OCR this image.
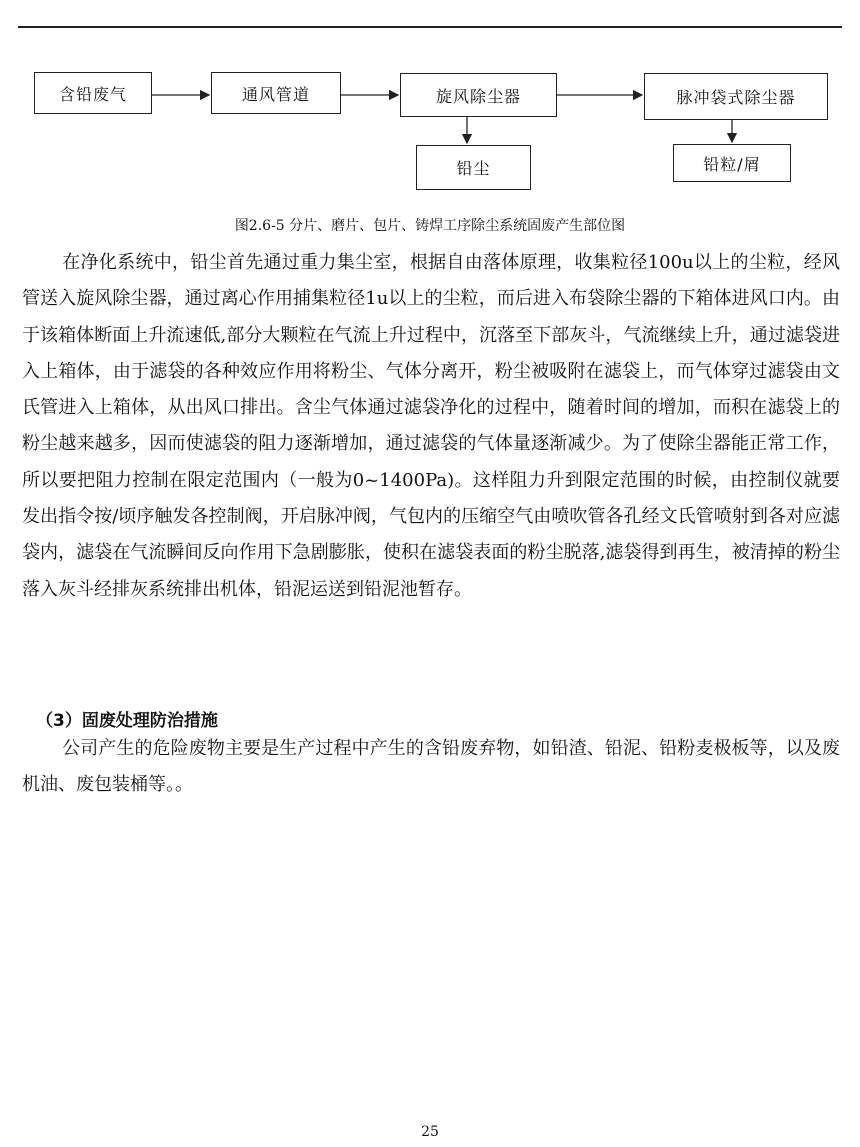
含铅废气	通风管道	旋风除尘器	脉冲袋式除尘器
铅尘	铅粒/屑
图2.6-5 分片、磨片、包片、铸焊工序除尘系统固废产生部位图

在净化系统中，铅尘首先通过重力集尘室，根据自由落体原理，收集粒径100u以上的尘粒，经风管送入旋风除尘器，通过离心作用捕集粒径1u以上的尘粒，而后进入布袋除尘器的下箱体进风口内。由于该箱体断面上升流速低,部分大颗粒在气流上升过程中，沉落至下部灰斗，气流继续上升，通过滤袋进入上箱体，由于滤袋的各种效应作用将粉尘、气体分离开，粉尘被吸附在滤袋上，而气体穿过滤袋由文氏管进入上箱体，从出风口排出。含尘气体通过滤袋净化的过程中，随着时间的增加，而积在滤袋上的粉尘越来越多，因而使滤袋的阻力逐渐增加，通过滤袋的气体量逐渐减少。为了使除尘器能正常工作，所以要把阻力控制在限定范围内（一般为0~1400Pa)。这样阻力升到限定范围的时候，由控制仪就要发出指令按/顷序触发各控制阀，开启脉冲阀，气包内的压缩空气由喷吹管各孔经文氏管喷射到各对应滤袋内，滤袋在气流瞬间反向作用下急剧膨胀，使积在滤袋表面的粉尘脱落,滤袋得到再生，被清掉的粉尘落入灰斗经排灰系统排出机体，铅泥运送到铅泥池暂存。

（3）固废处理防治措施

公司产生的危险废物主要是生产过程中产生的含铅废弃物，如铅渣、铅泥、铅粉麦极板等，以及废机油、废包装桶等。。

25
